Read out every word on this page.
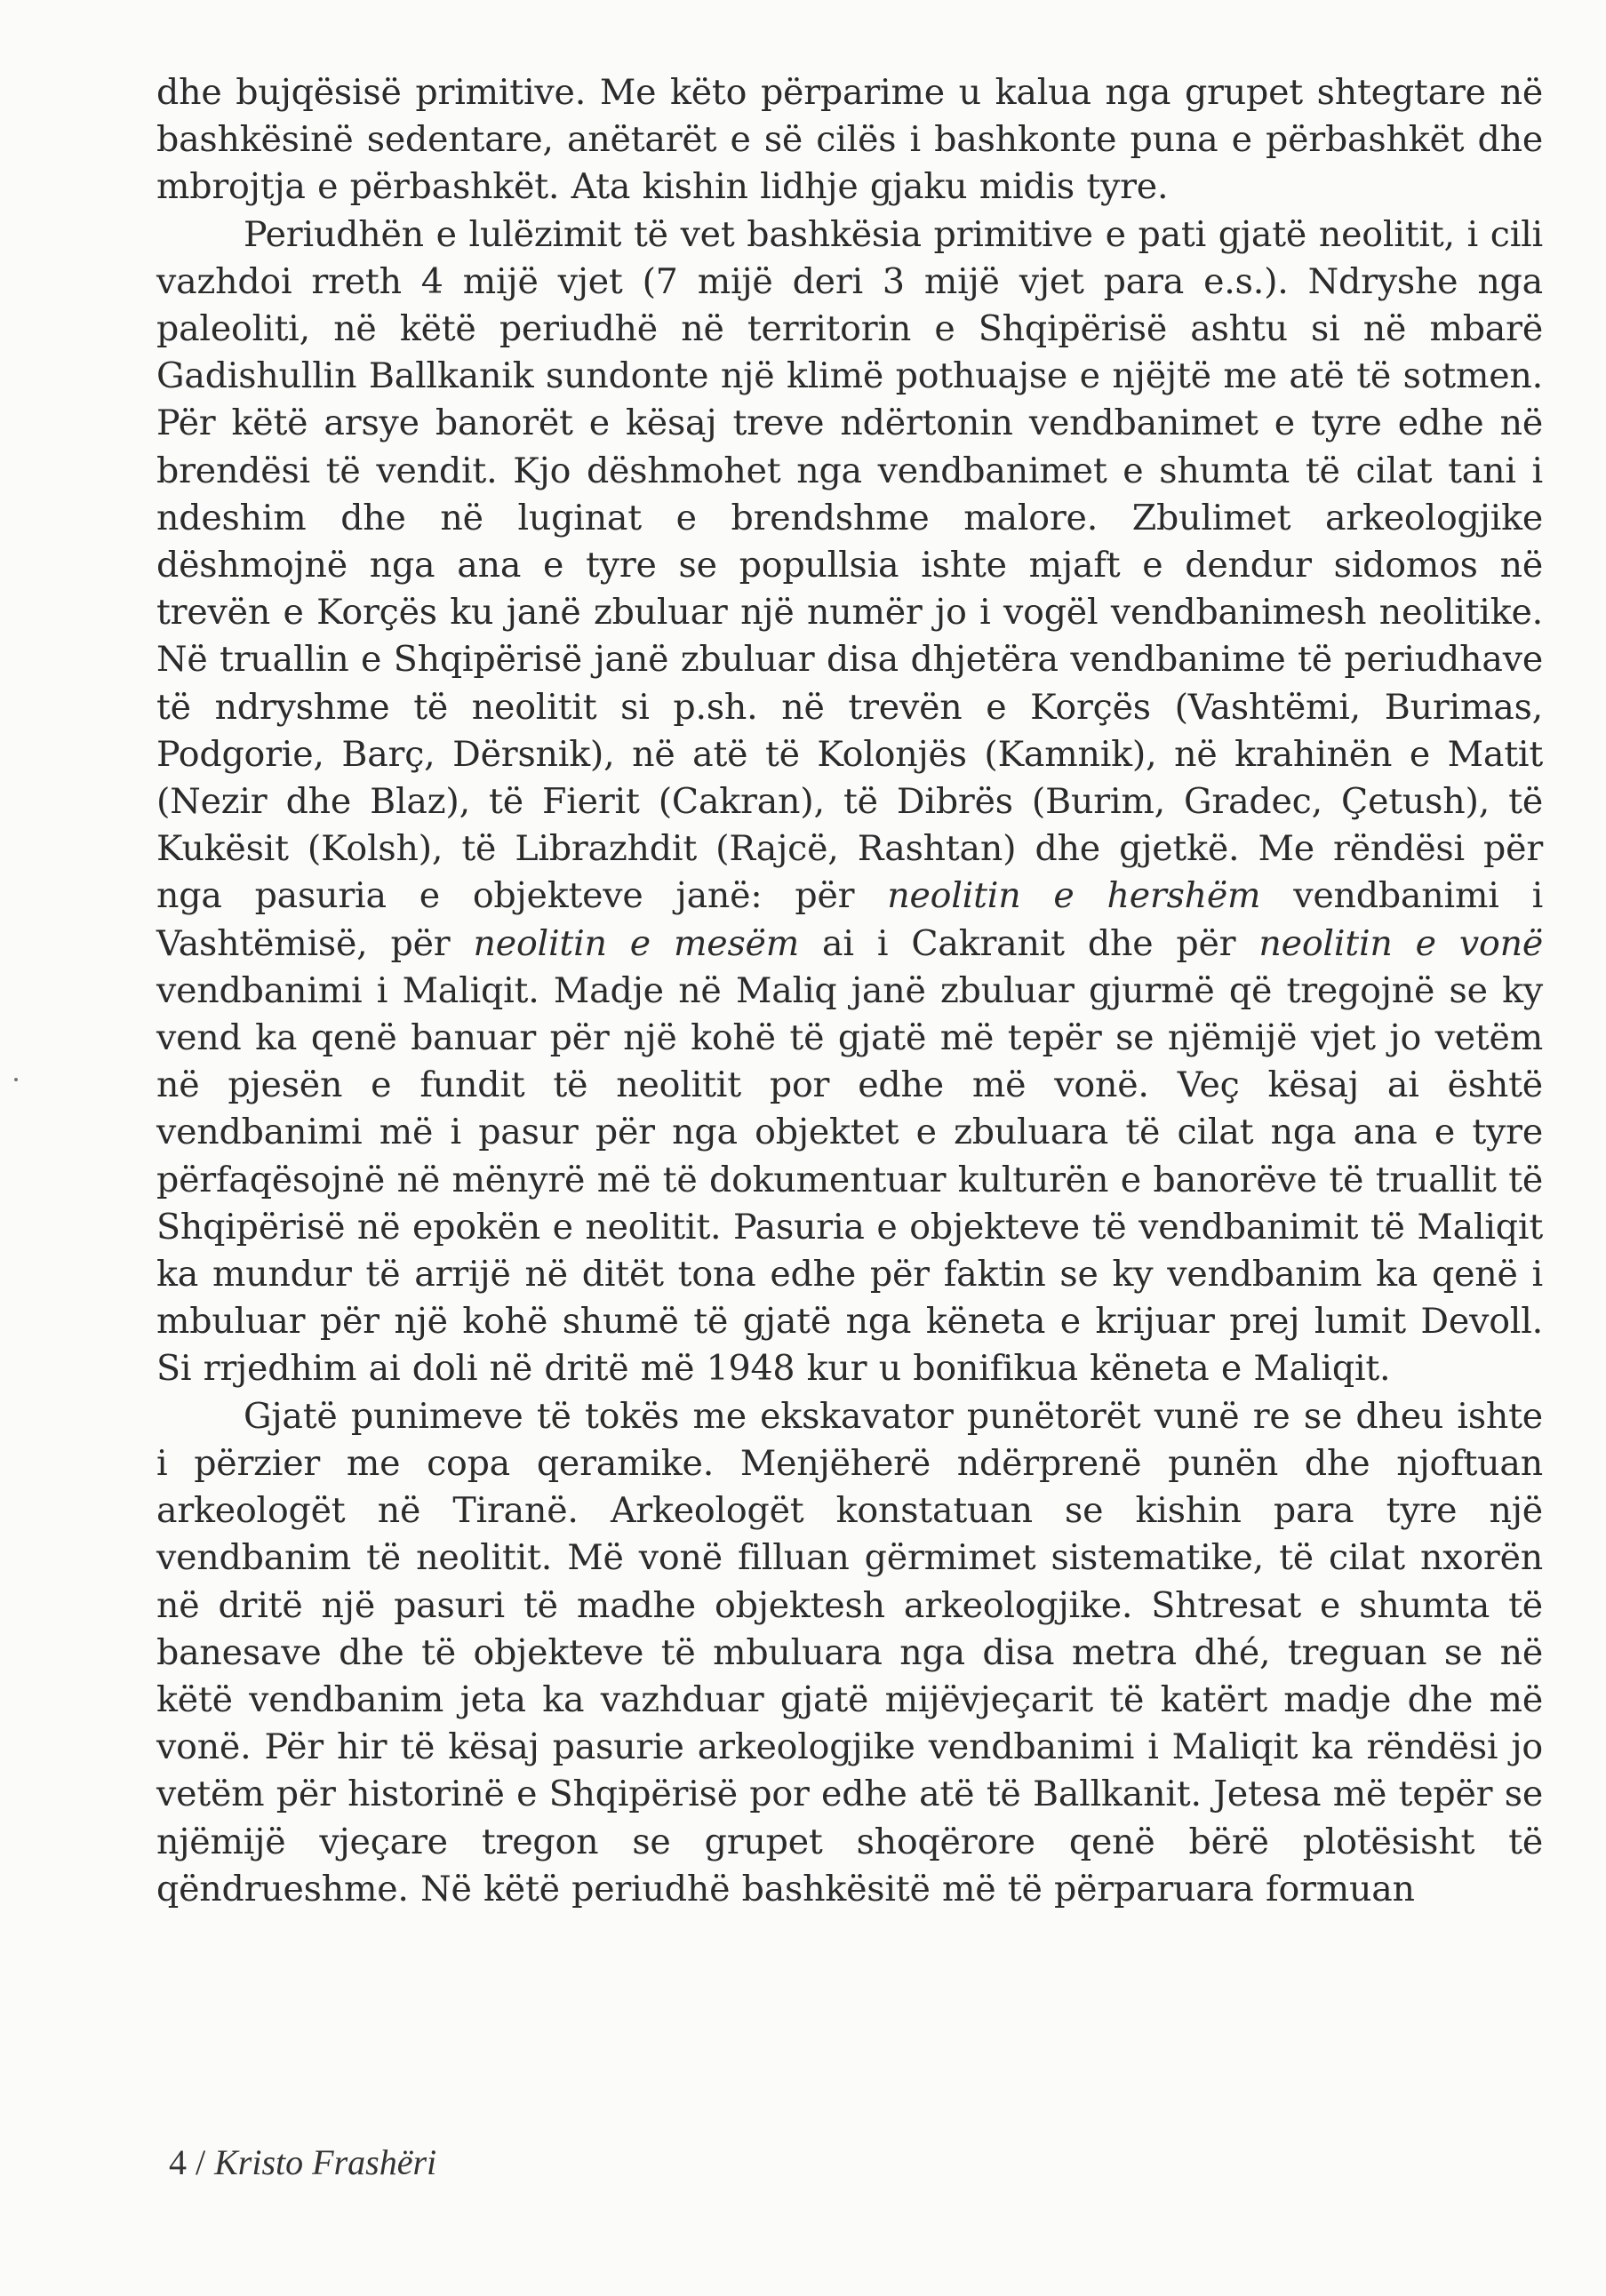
dhe bujqësisë primitive. Me këto përparime u kalua nga grupet shtegtare në bashkësinë sedentare, anëtarët e së cilës i bashkonte puna e përbashkët dhe mbrojtja e përbashkët. Ata kishin lidhje gjaku midis tyre.

Periudhën e lulëzimit të vet bashkësia primitive e pati gjatë neolitit, i cili vazhdoi rreth 4 mijë vjet (7 mijë deri 3 mijë vjet para e.s.). Ndryshe nga paleoliti, në këtë periudhë në territorin e Shqipërisë ashtu si në mbarë Gadishullin Ballkanik sundonte një klimë pothuajse e njëjtë me atë të sotmen. Për këtë arsye banorët e kësaj treve ndërtonin vendbanimet e tyre edhe në brendësi të vendit. Kjo dëshmohet nga vendbanimet e shumta të cilat tani i ndeshim dhe në luginat e brendshme malore. Zbulimet arkeologjike dëshmojnë nga ana e tyre se popullsia ishte mjaft e dendur sidomos në trevën e Korçës ku janë zbuluar një numër jo i vogël vendbanimesh neolitike. Në truallin e Shqipërisë janë zbuluar disa dhjetëra vendbanime të periudhave të ndryshme të neolitit si p.sh. në trevën e Korçës (Vashtëmi, Burimas, Podgorie, Barç, Dërsnik), në atë të Kolonjës (Kamnik), në krahinën e Matit (Nezir dhe Blaz), të Fierit (Cakran), të Dibrës (Burim, Gradec, Çetush), të Kukësit (Kolsh), të Librazhdit (Rajcë, Rashtan) dhe gjetkë. Me rëndësi për nga pasuria e objekteve janë: për neolitin e hershëm vendbanimi i Vashtëmisë, për neolitin e mesëm ai i Cakranit dhe për neolitin e vonë vendbanimi i Maliqit. Madje në Maliq janë zbuluar gjurmë që tregojnë se ky vend ka qenë banuar për një kohë të gjatë më tepër se njëmijë vjet jo vetëm në pjesën e fundit të neolitit por edhe më vonë. Veç kësaj ai është vendbanimi më i pasur për nga objektet e zbuluara të cilat nga ana e tyre përfaqësojnë në mënyrë më të dokumentuar kulturën e banorëve të truallit të Shqipërisë në epokën e neolitit. Pasuria e objekteve të vendbanimit të Maliqit ka mundur të arrijë në ditët tona edhe për faktin se ky vendbanim ka qenë i mbuluar për një kohë shumë të gjatë nga këneta e krijuar prej lumit Devoll. Si rrjedhim ai doli në dritë më 1948 kur u bonifikua këneta e Maliqit.

Gjatë punimeve të tokës me ekskavator punëtorët vunë re se dheu ishte i përzier me copa qeramike. Menjëherë ndërprenë punën dhe njoftuan arkeologët në Tiranë. Arkeologët konstatuan se kishin para tyre një vendbanim të neolitit. Më vonë filluan gërmimet sistematike, të cilat nxorën në dritë një pasuri të madhe objektesh arkeologjike. Shtresat e shumta të banesave dhe të objekteve të mbuluara nga disa metra dhé, treguan se në këtë vendbanim jeta ka vazhduar gjatë mijëvjeçarit të katërt madje dhe më vonë. Për hir të kësaj pasurie arkeologjike vendbanimi i Maliqit ka rëndësi jo vetëm për historinë e Shqipërisë por edhe atë të Ballkanit. Jetesa më tepër se njëmijë vjeçare tregon se grupet shoqërore qenë bërë plotësisht të qëndrueshme. Në këtë periudhë bashkësitë më të përparuara formuan

4 / Kristo Frashëri
